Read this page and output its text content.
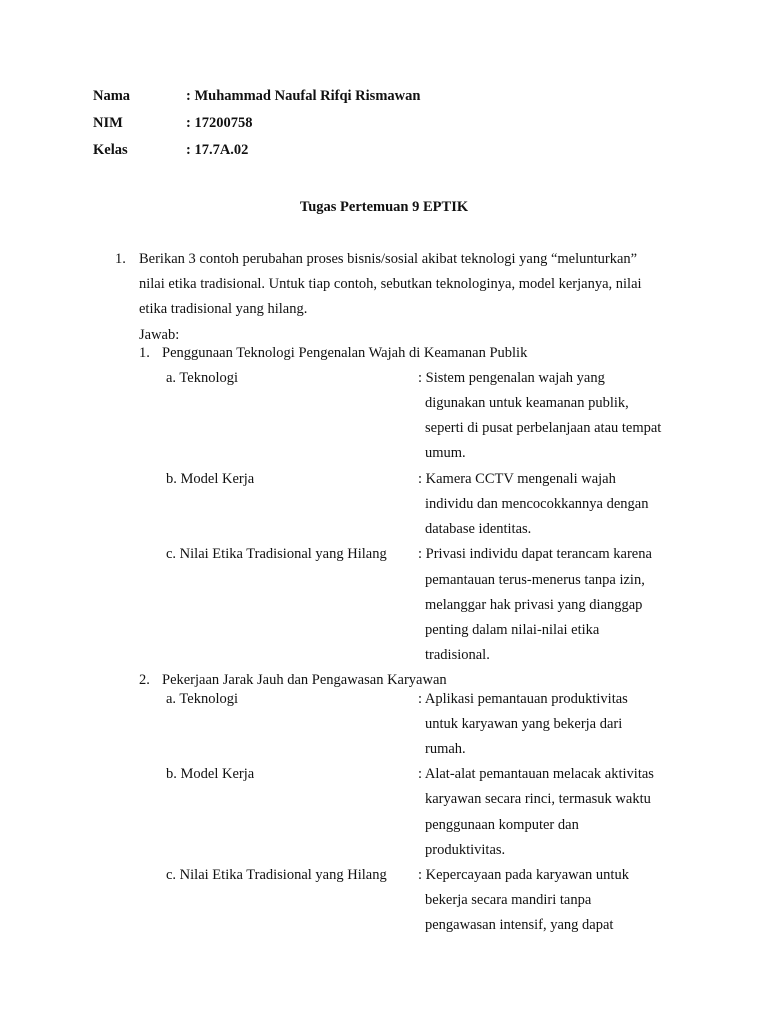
Nama	: Muhammad Naufal Rifqi Rismawan
NIM	: 17200758
Kelas	: 17.7A.02
Tugas Pertemuan 9 EPTIK
1. Berikan 3 contoh perubahan proses bisnis/sosial akibat teknologi yang “melunturkan”
nilai etika tradisional. Untuk tiap contoh, sebutkan teknologinya, model kerjanya, nilai
etika tradisional yang hilang.
Jawab:
1. Penggunaan Teknologi Pengenalan Wajah di Keamanan Publik
a. Teknologi	: Sistem pengenalan wajah yang
digunakan untuk keamanan publik,
seperti di pusat perbelanjaan atau tempat
umum.
b. Model Kerja	: Kamera CCTV mengenali wajah
individu dan mencocokkannya dengan
database identitas.
c. Nilai Etika Tradisional yang Hilang : Privasi individu dapat terancam karena
pemantauan terus-menerus tanpa izin,
melanggar hak privasi yang dianggap
penting dalam nilai-nilai etika
tradisional.
2. Pekerjaan Jarak Jauh dan Pengawasan Karyawan
a. Teknologi	: Aplikasi pemantauan produktivitas
untuk karyawan yang bekerja dari
rumah.
b. Model Kerja	: Alat-alat pemantauan melacak aktivitas
karyawan secara rinci, termasuk waktu
penggunaan komputer dan
produktivitas.
c. Nilai Etika Tradisional yang Hilang : Kepercayaan pada karyawan untuk
bekerja secara mandiri tanpa
pengawasan intensif, yang dapat
